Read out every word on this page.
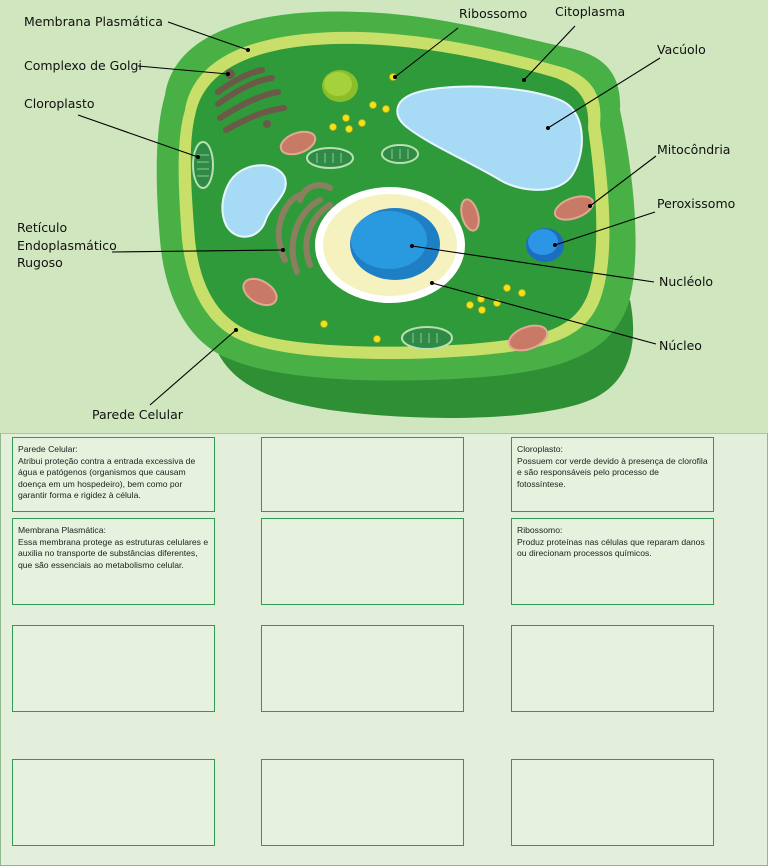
Membrana Plasmática
Complexo de Golgi
Cloroplasto
Retículo
Endoplasmático
Rugoso
Parede Celular
Ribossomo Citoplasma
Vacúolo
Mitocôndria
Peroxissomo
Nucléolo
Núcleo
Parede Celular:
Atribui proteção contra a entrada excessiva de água e patógenos (organismos que causam doença em um hospedeiro), bem como por garantir forma e rigidez à célula.
Cloroplasto:
Possuem cor verde devido à presença de clorofila e são responsáveis pelo processo de fotossíntese.
Membrana Plasmática:
Essa membrana protege as estruturas celulares e auxilia no transporte de substâncias diferentes, que são essenciais ao metabolismo celular.
Ribossomo:
Produz proteínas nas células que reparam danos ou direcionam processos químicos.
